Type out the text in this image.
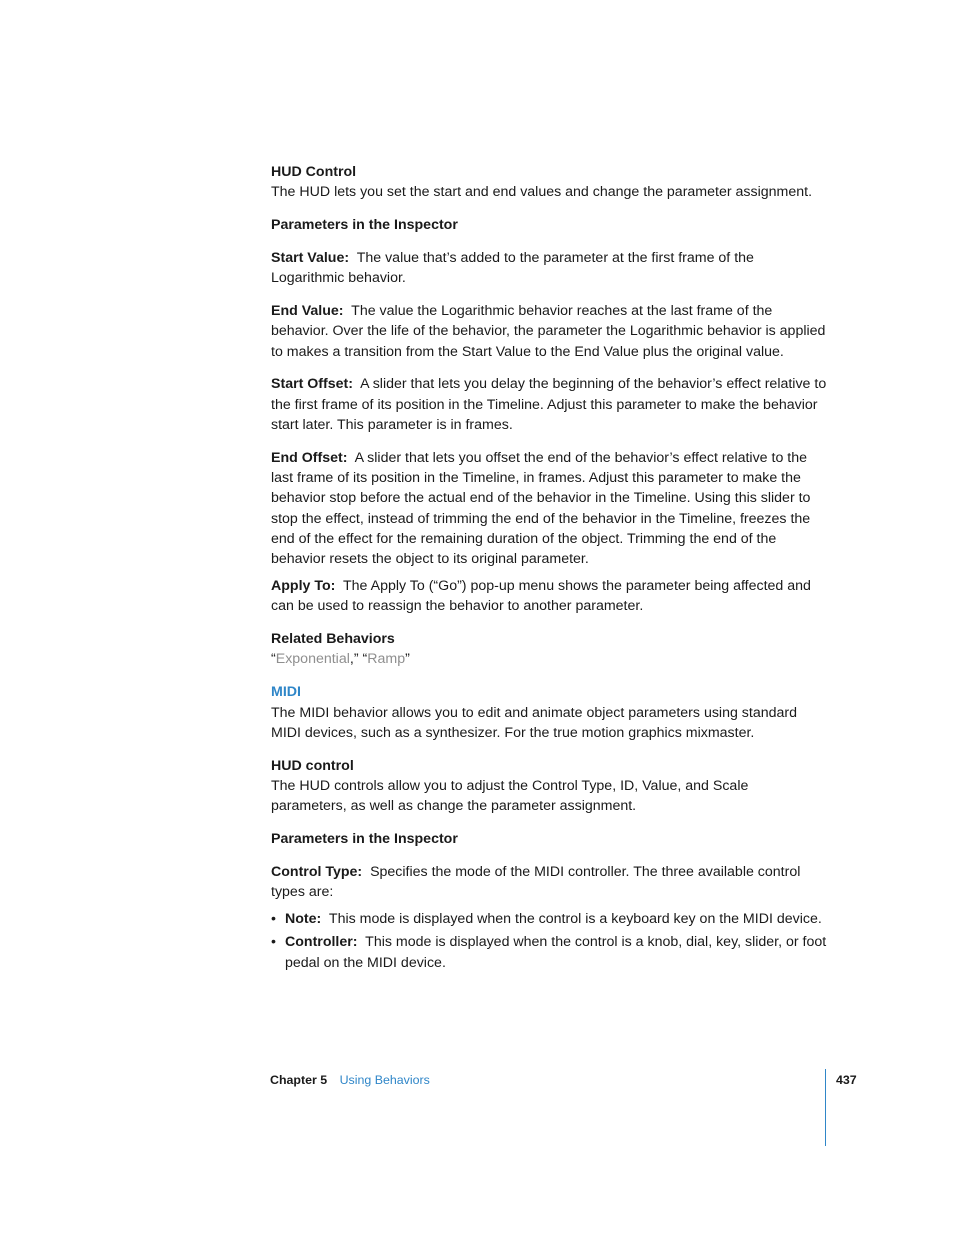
HUD Control

The HUD lets you set the start and end values and change the parameter assignment.

Parameters in the Inspector

Start Value: The value that’s added to the parameter at the first frame of the Logarithmic behavior.

End Value: The value the Logarithmic behavior reaches at the last frame of the behavior. Over the life of the behavior, the parameter the Logarithmic behavior is applied to makes a transition from the Start Value to the End Value plus the original value.

Start Offset: A slider that lets you delay the beginning of the behavior’s effect relative to the first frame of its position in the Timeline. Adjust this parameter to make the behavior start later. This parameter is in frames.

End Offset: A slider that lets you offset the end of the behavior’s effect relative to the last frame of its position in the Timeline, in frames. Adjust this parameter to make the behavior stop before the actual end of the behavior in the Timeline. Using this slider to stop the effect, instead of trimming the end of the behavior in the Timeline, freezes the end of the effect for the remaining duration of the object. Trimming the end of the behavior resets the object to its original parameter.

Apply To: The Apply To (“Go”) pop-up menu shows the parameter being affected and can be used to reassign the behavior to another parameter.

Related Behaviors

“Exponential,” “Ramp”

MIDI

The MIDI behavior allows you to edit and animate object parameters using standard MIDI devices, such as a synthesizer. For the true motion graphics mixmaster.

HUD control

The HUD controls allow you to adjust the Control Type, ID, Value, and Scale parameters, as well as change the parameter assignment.

Parameters in the Inspector

Control Type: Specifies the mode of the MIDI controller. The three available control types are:

• Note: This mode is displayed when the control is a keyboard key on the MIDI device.
• Controller: This mode is displayed when the control is a knob, dial, key, slider, or foot pedal on the MIDI device.
Chapter 5 Using Behaviors	437
